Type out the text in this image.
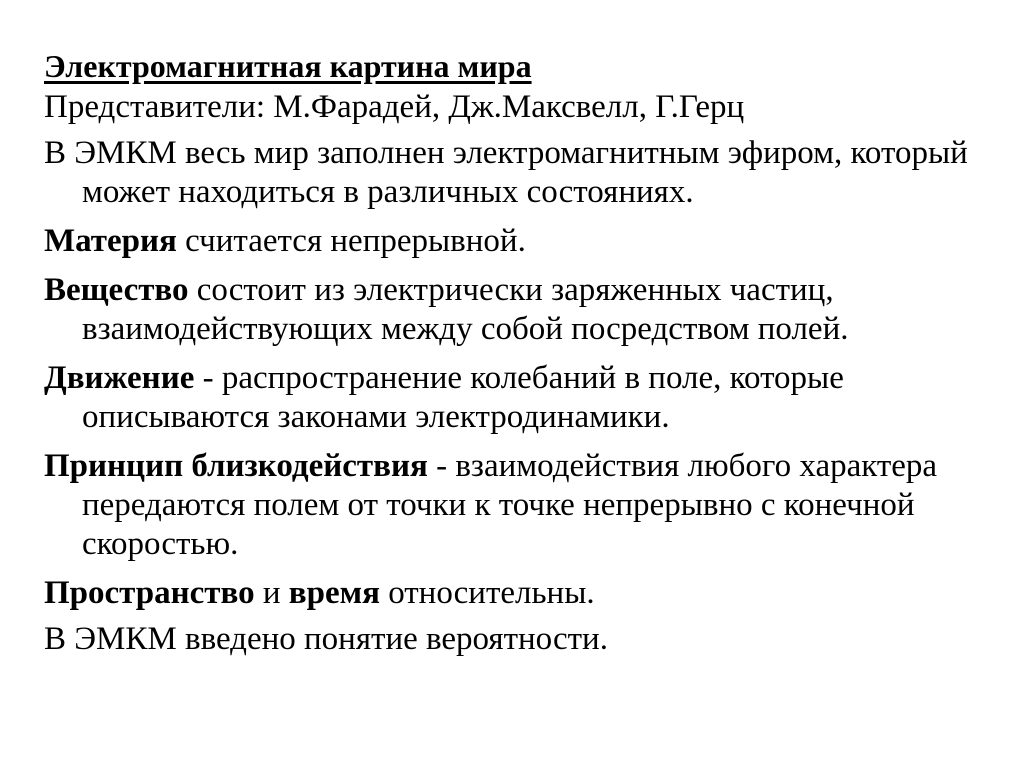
Электромагнитная картина мира
Представители: М.Фарадей, Дж.Максвелл, Г.Герц
В ЭМКМ весь мир заполнен электромагнитным эфиром, который может находиться в различных состояниях.
Материя считается непрерывной.
Вещество состоит из электрически заряженных частиц, взаимодействующих между собой посредством полей.
Движение - распространение колебаний в поле, которые описываются законами электродинамики.
Принцип близкодействия - взаимодействия любого характера передаются полем от точки к точке непрерывно с конечной скоростью.
Пространство и время относительны.
В ЭМКМ введено понятие вероятности.
